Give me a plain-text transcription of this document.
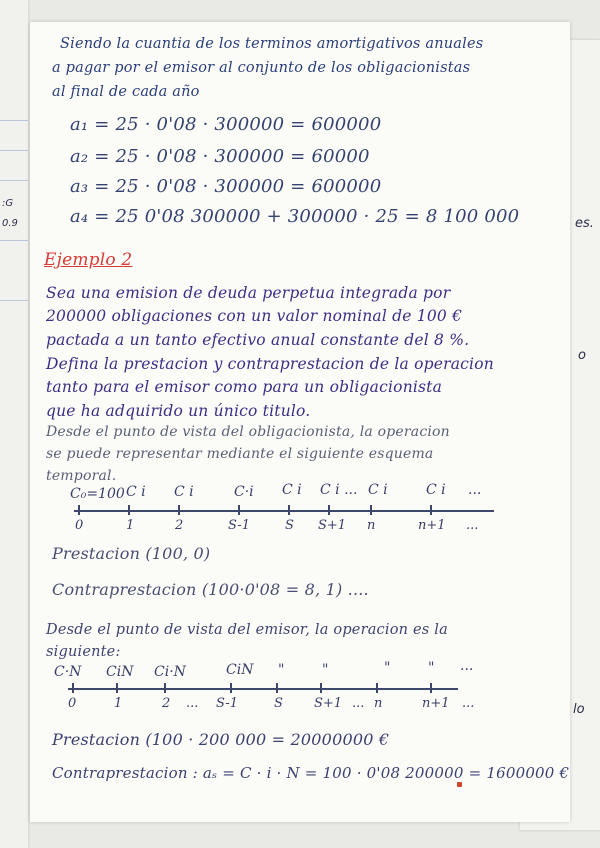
:G
0.9	es.
o
lo
Siendo la cuantia de los terminos amortigativos anuales
a pagar por el emisor al conjunto de los obligacionistas
al final de cada año
a₁ = 25 · 0'08 · 300000 = 600000
a₂ = 25 · 0'08 · 300000 = 60000
a₃ = 25 · 0'08 · 300000 = 600000
a₄ = 25 0'08 300000 + 300000 · 25 = 8 100 000
Ejemplo 2
Sea una emision de deuda perpetua integrada por
200000 obligaciones con un valor nominal de 100 €
pactada a un tanto efectivo anual constante del 8 %.
Defina la prestacion y contraprestacion de la operacion
tanto para el emisor como para un obligacionista
que ha adquirido un único titulo.
Desde el punto de vista del obligacionista, la operacion
se puede representar mediante el siguiente esquema
temporal.
C₀=100 C i C i	C·i C i C i ... C i	C i ...
0	1	2	S-1	S S+1 n	n+1 ...
Prestacion (100, 0)
Contraprestacion (100·0'08 = 8, 1) ....
Desde el punto de vista del emisor, la operacion es la
siguiente:
C·N CiN Ci·N	CiN "	"	"	" ...
0	1	2 ... S-1	S S+1 ... n	n+1 ...
Prestacion (100 · 200 000 = 20000000 €
Contraprestacion : aₛ = C · i · N = 100 · 0'08 200000 = 1600000 €
